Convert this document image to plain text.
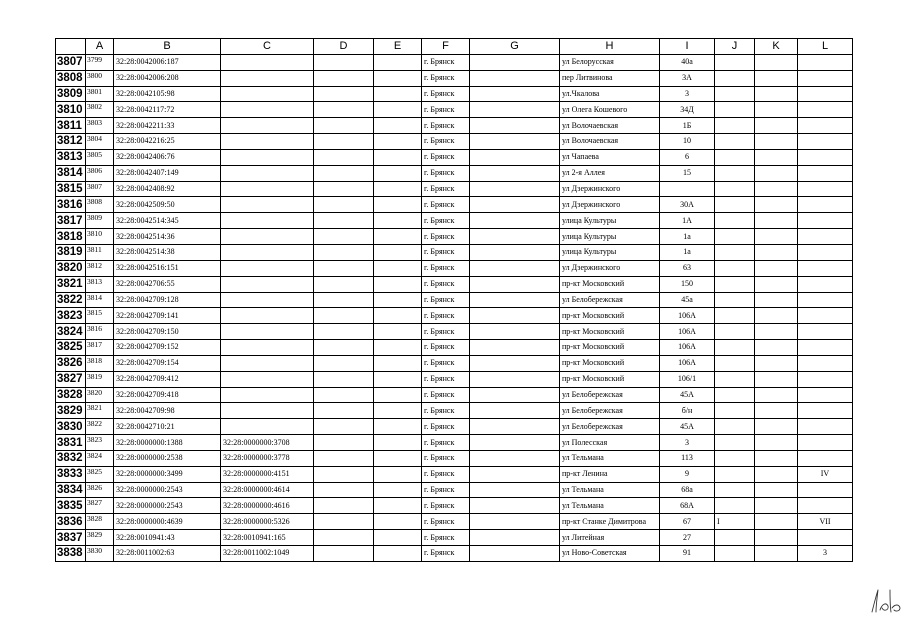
	A	B	C	D	E	F	G	H	I	J	K	L
3807	3799	32:28:0042006:187				г. Брянск		ул Белорусская	40а			
3808	3800	32:28:0042006:208				г. Брянск		пер Литвинова	3А			
3809	3801	32:28:0042105:98				г. Брянск		ул.Чкалова	3			
3810	3802	32:28:0042117:72				г. Брянск		ул Олега Кошевого	34Д			
3811	3803	32:28:0042211:33				г. Брянск		ул Волочаевская	1Б			
3812	3804	32:28:0042216:25				г. Брянск		ул Волочаевская	10			
3813	3805	32:28:0042406:76				г. Брянск		ул Чапаева	6			
3814	3806	32:28:0042407:149				г. Брянск		ул 2-я Аллея	15			
3815	3807	32:28:0042408:92				г. Брянск		ул Дзержинского				
3816	3808	32:28:0042509:50				г. Брянск		ул Дзержинского	30А			
3817	3809	32:28:0042514:345				г. Брянск		улица Культуры	1А			
3818	3810	32:28:0042514:36				г. Брянск		улица Культуры	1а			
3819	3811	32:28:0042514:38				г. Брянск		улица Культуры	1а			
3820	3812	32:28:0042516:151				г. Брянск		ул Дзержинского	63			
3821	3813	32:28:0042706:55				г. Брянск		пр-кт Московский	150			
3822	3814	32:28:0042709:128				г. Брянск		ул Белобережская	45а			
3823	3815	32:28:0042709:141				г. Брянск		пр-кт Московский	106А			
3824	3816	32:28:0042709:150				г. Брянск		пр-кт Московский	106А			
3825	3817	32:28:0042709:152				г. Брянск		пр-кт Московский	106А			
3826	3818	32:28:0042709:154				г. Брянск		пр-кт Московский	106А			
3827	3819	32:28:0042709:412				г. Брянск		пр-кт Московский	106/1			
3828	3820	32:28:0042709:418				г. Брянск		ул Белобережская	45А			
3829	3821	32:28:0042709:98				г. Брянск		ул Белобережская	б/н			
3830	3822	32:28:0042710:21				г. Брянск		ул Белобережская	45А			
3831	3823	32:28:0000000:1388	32:28:0000000:3708			г. Брянск		ул Полесская	3			
3832	3824	32:28:0000000:2538	32:28:0000000:3778			г. Брянск		ул Тельмана	113			
3833	3825	32:28:0000000:3499	32:28:0000000:4151			г. Брянск		пр-кт Ленина	9			IV
3834	3826	32:28:0000000:2543	32:28:0000000:4614			г. Брянск		ул Тельмана	68а			
3835	3827	32:28:0000000:2543	32:28:0000000:4616			г. Брянск		ул Тельмана	68А			
3836	3828	32:28:0000000:4639	32:28:0000000:5326			г. Брянск		пр-кт Станке Димитрова	67	I		VII
3837	3829	32:28:0010941:43	32:28:0010941:165			г. Брянск		ул Литейная	27			
3838	3830	32:28:0011002:63	32:28:0011002:1049			г. Брянск		ул Ново-Советская	91			3
